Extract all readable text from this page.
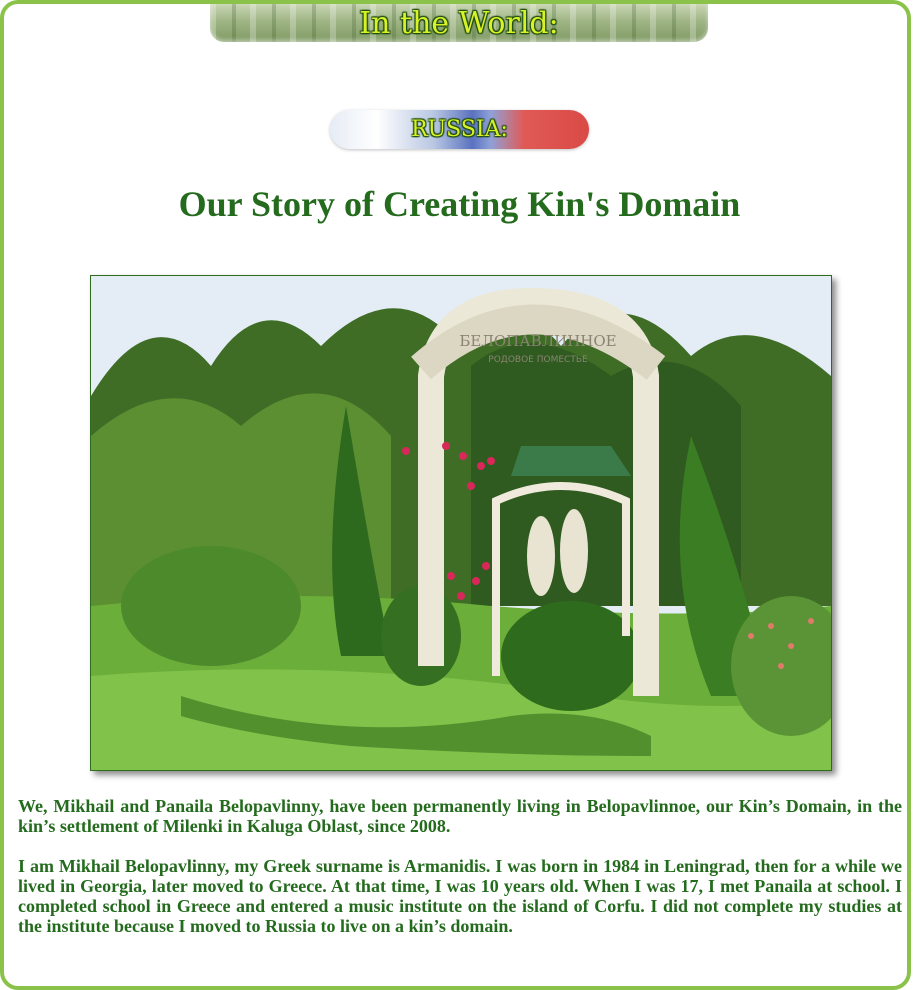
In the World:
RUSSIA:
Our Story of Creating Kin's Domain
БЕЛОПАВЛИННОЕ
РОДОВОЕ ПОМЕСТЬЕ

We, Mikhail and Panaila Belopavlinny, have been permanently living in Belopavlinnoe, our Kin’s Domain, in the kin’s settlement of Milenki in Kaluga Oblast, since 2008.

I am Mikhail Belopavlinny, my Greek surname is Armanidis. I was born in 1984 in Leningrad, then for a while we lived in Georgia, later moved to Greece. At that time, I was 10 years old. When I was 17, I met Panaila at school. I completed school in Greece and entered a music institute on the island of Corfu. I did not complete my studies at the institute because I moved to Russia to live on a kin’s domain.
